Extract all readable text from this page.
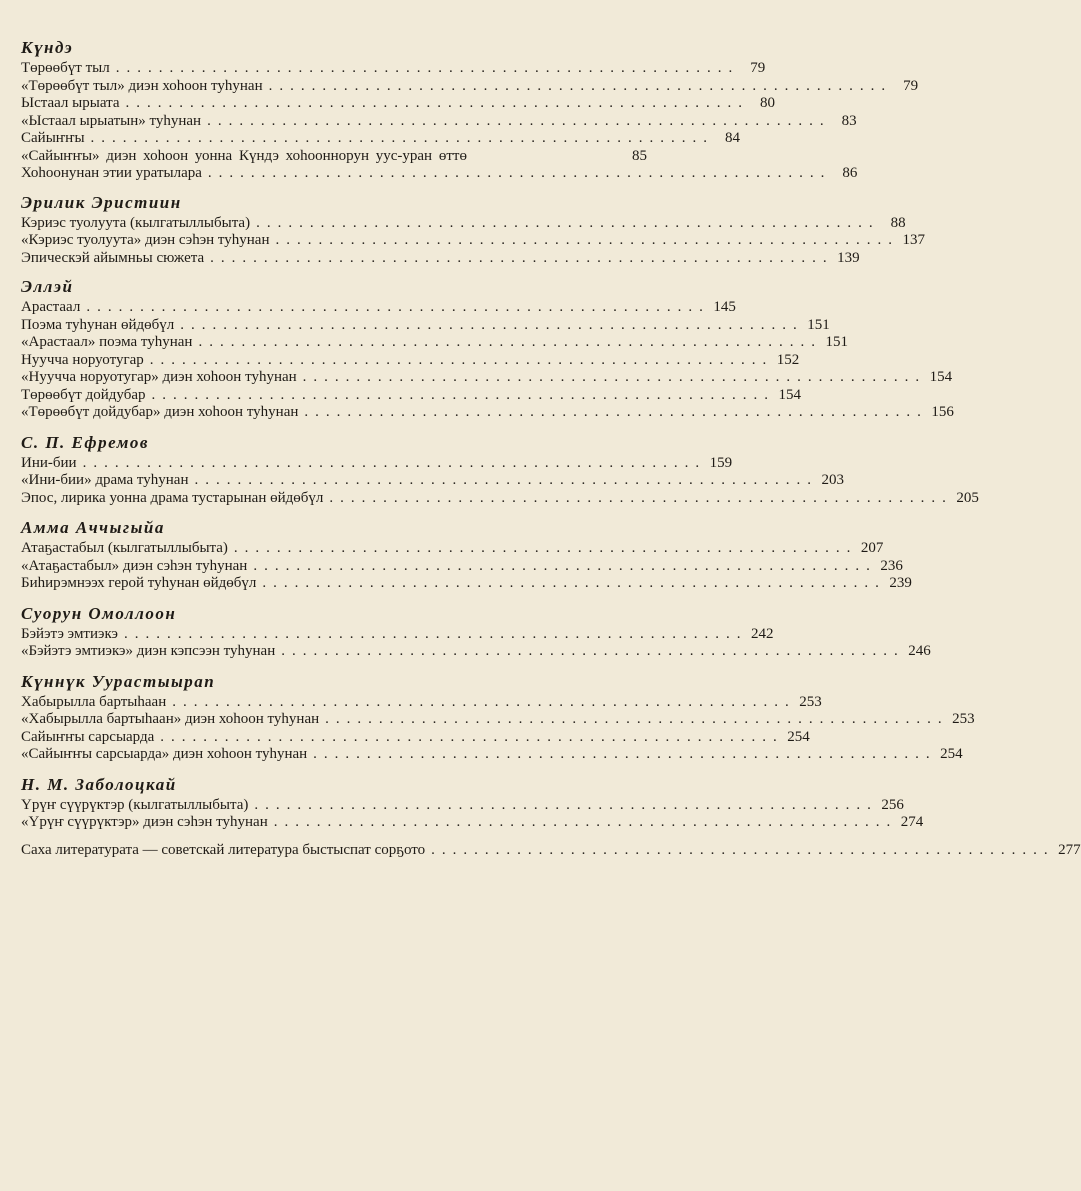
Күндэ
Төрөөбүт тыл .......................................................... 79
«Төрөөбүт тыл» диэн хоһоон туһунан .......................................................... 79
Ыстаал ырыата .......................................................... 80
«Ыстаал ырыатын» туһунан .......................................................... 83
Сайыҥҥы .......................................................... 84
«Сайыҥҥы» диэн хоһоон уонна Күндэ хоһооннорун уус-уран өттө	85
Хоһоонунан этии уратылара .......................................................... 86
Эрилик Эристиин
Кэриэс туолуута (кылгатыллыбыта) .......................................................... 88
«Кэриэс туолуута» диэн сэһэн туһунан .......................................................... 137
Эпическэй айымньы сюжета .......................................................... 139
Эллэй
Арастаал .......................................................... 145
Поэма туһунан өйдөбүл .......................................................... 151
«Арастаал» поэма туһунан .......................................................... 151
Нуучча норуотугар .......................................................... 152
«Нуучча норуотугар» диэн хоһоон туһунан .......................................................... 154
Төрөөбүт дойдубар .......................................................... 154
«Төрөөбүт дойдубар» диэн хоһоон туһунан .......................................................... 156
С. П. Ефремов
Ини-бии .......................................................... 159
«Ини-бии» драма туһунан .......................................................... 203
Эпос, лирика уонна драма тустарынан өйдөбүл .......................................................... 205
Амма Аччыгыйа
Атаҕастабыл (кылгатыллыбыта) .......................................................... 207
«Атаҕастабыл» диэн сэһэн туһунан .......................................................... 236
Биһирэмнээх герой туһунан өйдөбүл .......................................................... 239
Суорун Омоллоон
Бэйэтэ эмтиэкэ .......................................................... 242
«Бэйэтэ эмтиэкэ» диэн кэпсээн туһунан .......................................................... 246
Күннүк Уурастыырап
Хабырылла бартыһаан .......................................................... 253
«Хабырылла бартыһаан» диэн хоһоон туһунан .......................................................... 253
Сайыҥҥы сарсыарда .......................................................... 254
«Сайыҥҥы сарсыарда» диэн хоһоон туһунан .......................................................... 254
Н. М. Заболоцкай
Үрүҥ сүүрүктэр (кылгатыллыбыта) .......................................................... 256
«Үрүҥ сүүрүктэр» диэн сэһэн туһунан .......................................................... 274
Саха литературата — советскай литература быстыспат сорҕото .......................................................... 277
